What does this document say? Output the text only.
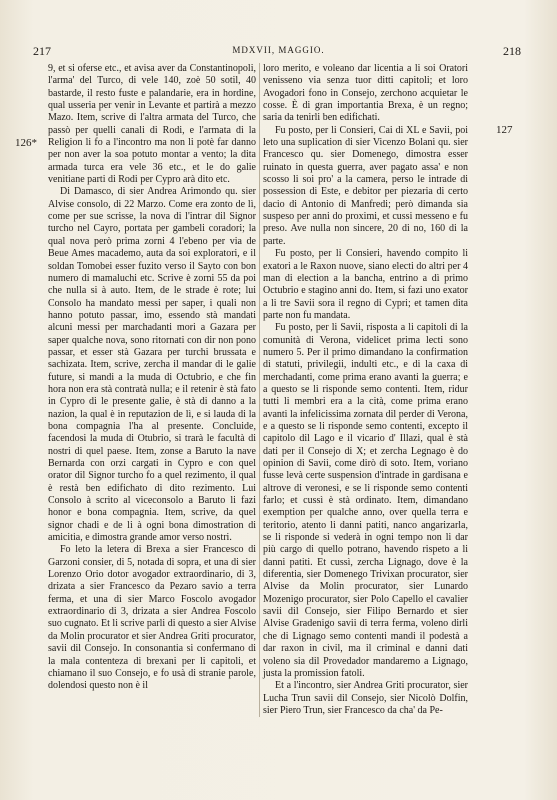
217	MDXVII, MAGGIO.	218
126*
127

9, et si oferse etc., et avisa aver da Constantinopoli, l'arma' del Turco, di vele 140, zoè 50 sotil, 40 bastarde, il resto fuste e palandarie, era in hordine, qual usseria per venir in Levante et partirà a mezzo Mazo. Item, scrive di l'altra armata del Turco, che passò per quelli canali di Rodi, e l'armata di la Religion li fo a l'incontro ma non li potè far danno per non aver la soa potuto montar a vento; la dita armada turca era vele 36 etc., et le do galie venitiane parti di Rodi per Cypro arà dito etc.

Di Damasco, di sier Andrea Arimondo qu. sier Alvise consolo, di 22 Marzo. Come era zonto de lì, come per sue scrisse, la nova di l'intrar dil Signor turcho nel Cayro, portata per gambeli coradori; la qual nova però prima zorni 4 l'ebeno per via de Beue Ames macademo, auta da soi exploratori, e il soldan Tomobei esser fuzito verso il Sayto con bon numero di mamaluchi etc. Scrive è zorni 55 da poi che nulla si à auto. Item, de le strade è rote; lui Consolo ha mandato messi per saper, i quali non hanno potuto passar, imo, essendo stà mandati alcuni messi per marchadanti mori a Gazara per saper qualche nova, sono ritornati con dir non pono passar, et esser stà Gazara per turchi brussata e sachizata. Item, scrive, zercha il mandar di le galie future, si mandi a la muda di Octubrio, e che fin hora non era stà contratà nulla; e il retenir è stà fato in Cypro di le presente galie, è stà di danno a la nazion, la qual è in reputazion de lì, e si lauda di la bona compagnia l'ha al presente. Concluide, facendosi la muda di Otubrio, si trarà le facultà di nostri di quel paese. Item, zonse a Baruto la nave Bernarda con orzi cargati in Cypro e con quel orator dil Signor turcho fo a quel rezimento, il qual è restà ben edifichato di dito rezimento. Lui Consolo à scrito al viceconsolo a Baruto li fazi honor e bona compagnia. Item, scrive, da quel signor chadi e de li à ogni bona dimostration di amicitia, e dimostra grande amor verso nostri.

Fo leto la letera di Brexa a sier Francesco di Garzoni consier, di 5, notada di sopra, et una di sier Lorenzo Orio dotor avogador extraordinario, di 3, drizata a sier Francesco da Pezaro savio a terra ferma, et una di sier Marco Foscolo avogador extraordinario di 3, drizata a sier Andrea Foscolo suo cugnato. Et li scrive parli di questo a sier Alvise da Molin procurator et sier Andrea Griti procurator, savii dil Consejo. In consonantia si confermano di la mala contenteza di brexani per li capitoli, et chiamano il suo Consejo, e fo usà di stranie parole, dolendosi questo non è il

loro merito, e voleano dar licentia a li soi Oratori venisseno via senza tuor ditti capitoli; et loro Avogadori fono in Consejo, zerchono acquietar le cosse. È di gran importantia Brexa, è un regno; saria da tenirli ben edifichati.

Fu posto, per li Consieri, Cai di XL e Savii, poi leto una suplication di sier Vicenzo Bolani qu. sier Francesco qu. sier Domenego, dimostra esser ruinato in questa guerra, aver pagato assa' e non scosso li soi pro' a la camera, perso le intrade di possession di Este, e debitor per piezaria di certo dacio di Antonio di Manfredi; però dimanda sia suspeso per anni do proximi, et cussi messeno e fu preso. Ave nulla non sincere, 20 di no, 160 di la parte.

Fu posto, per li Consieri, havendo compito li exatori a le Raxon nuove, siano electi do altri per 4 man di election a la bancha, entrino a dì primo Octubrio e stagino anni do. Item, si fazi uno exator a li tre Savii sora il regno di Cypri; et tamen dita parte non fu mandata.

Fu posto, per li Savii, risposta a li capitoli di la comunità di Verona, videlicet prima lecti sono numero 5. Per il primo dimandano la confirmation di statuti, privilegii, indulti etc., e di la caxa di merchadanti, come prima erano avanti la guerra; e a questo se li risponde semo contenti. Item, ridur tutti li membri era a la cità, come prima erano avanti la infelicissima zornata dil perder di Verona, e a questo se li risponde semo contenti, excepto il capitolo dil Lago e il vicario d' Illazi, qual è stà dati per il Consejo di X; et zercha Legnago è do opinion di Savii, come dirò di soto. Item, voriano fusse levà certe suspension d'intrade in gardisana e altrove di veronesi, e se li risponde semo contenti farlo; et cussì è stà ordinato. Item, dimandano exemption per qualche anno, over quella terra e teritorio, atento li danni patiti, nanco angarizarla, se li risponde si vederà in ogni tempo non li dar più cargo di quello potrano, havendo rispeto a li danni patiti. Et cussì, zercha Lignago, dove è la diferentia, sier Domenego Trivixan procurator, sier Alvise da Molin procurator, sier Lunardo Mozenigo procurator, sier Polo Capello el cavalier savii dil Consejo, sier Filipo Bernardo et sier Alvise Gradenigo savii di terra ferma, voleno dirli che di Lignago semo contenti mandi il podestà a dar raxon in civil, ma il criminal e danni dati voleno sia dil Provedador mandaremo a Lignago, justa la promission fatoli.

Et a l'incontro, sier Andrea Griti procurator, sier Lucha Trun savii dil Consejo, sier Nicolò Dolfin, sier Piero Trun, sier Francesco da cha' da Pe-
